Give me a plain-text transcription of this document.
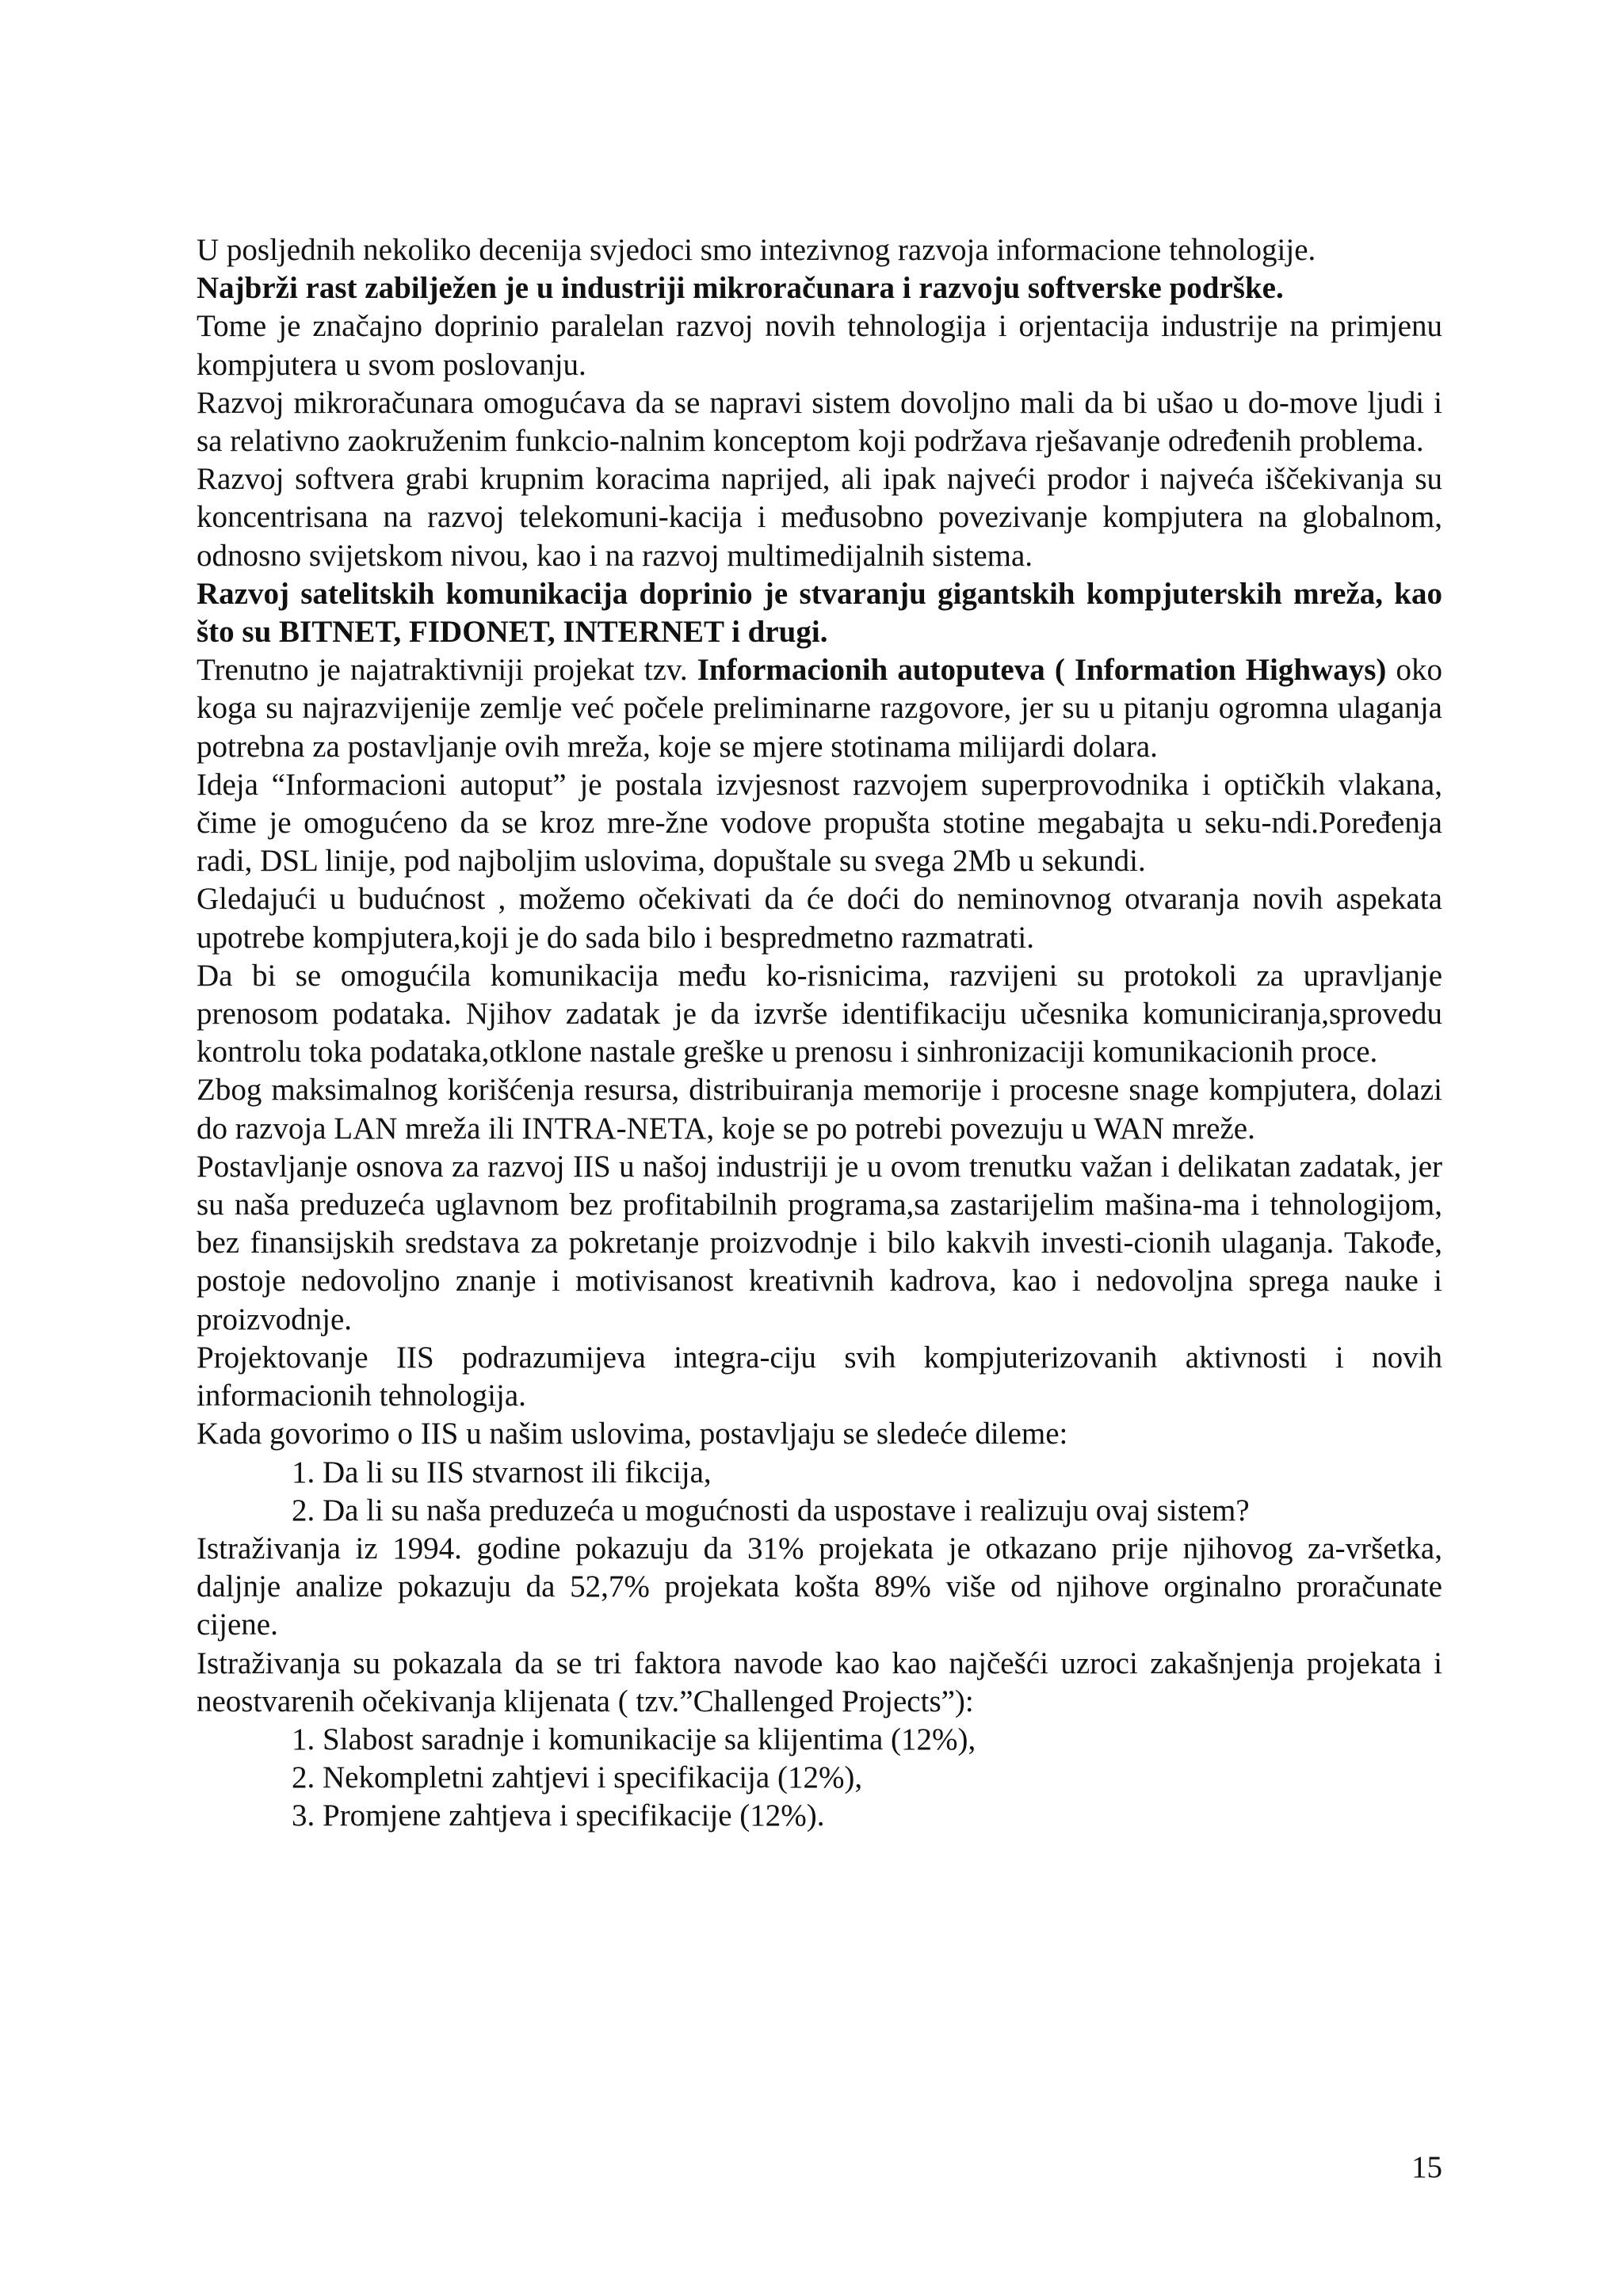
U posljednih nekoliko decenija svjedoci smo intezivnog razvoja informacione tehnologije.

Najbrži rast zabilježen je u industriji mikroračunara i razvoju softverske podrške.

Tome je značajno doprinio paralelan razvoj novih tehnologija i orjentacija industrije na primjenu kompjutera u svom poslovanju.

Razvoj mikroračunara omogućava da se napravi sistem dovoljno mali da bi ušao u do-move ljudi i sa relativno zaokruženim funkcio-nalnim konceptom koji podržava rješavanje određenih problema.

Razvoj softvera grabi krupnim koracima naprijed, ali ipak najveći prodor i najveća iščekivanja su koncentrisana na razvoj telekomuni-kacija i međusobno povezivanje kompjutera na globalnom, odnosno svijetskom nivou, kao i na razvoj multimedijalnih sistema.

Razvoj satelitskih komunikacija doprinio je stvaranju gigantskih kompjuterskih mreža, kao što su BITNET, FIDONET, INTERNET i drugi.

Trenutno je najatraktivniji projekat tzv. Informacionih autoputeva ( Information Highways) oko koga su najrazvijenije zemlje već počele preliminarne razgovore, jer su u pitanju ogromna ulaganja potrebna za postavljanje ovih mreža, koje se mjere stotinama milijardi dolara.

Ideja “Informacioni autoput” je postala izvjesnost razvojem superprovodnika i optičkih vlakana, čime je omogućeno da se kroz mre-žne vodove propušta stotine megabajta u seku-ndi.Poređenja radi, DSL linije, pod najboljim uslovima, dopuštale su svega 2Mb u sekundi.

Gledajući u budućnost , možemo očekivati da će doći do neminovnog otvaranja novih aspekata upotrebe kompjutera,koji je do sada bilo i bespredmetno razmatrati.

Da bi se omogućila komunikacija među ko-risnicima, razvijeni su protokoli za upravljanje prenosom podataka. Njihov zadatak je da izvrše identifikaciju učesnika komuniciranja,sprovedu kontrolu toka podataka,otklone nastale greške u prenosu i sinhronizaciji komunikacionih proce.

Zbog maksimalnog korišćenja resursa, distribuiranja memorije i procesne snage kompjutera, dolazi do razvoja LAN mreža ili INTRA-NETA, koje se po potrebi povezuju u WAN mreže.

Postavljanje osnova za razvoj IIS u našoj industriji je u ovom trenutku važan i delikatan zadatak, jer su naša preduzeća uglavnom bez profitabilnih programa,sa zastarijelim mašina-ma i tehnologijom, bez finansijskih sredstava za pokretanje proizvodnje i bilo kakvih investi-cionih ulaganja. Takođe, postoje nedovoljno znanje i motivisanost kreativnih kadrova, kao i nedovoljna sprega nauke i proizvodnje.

Projektovanje IIS podrazumijeva integra-ciju svih kompjuterizovanih aktivnosti i novih informacionih tehnologija.

Kada govorimo o IIS u našim uslovima, postavljaju se sledeće dileme:

1. Da li su IIS stvarnost ili fikcija,
2. Da li su naša preduzeća u mogućnosti da uspostave i realizuju ovaj sistem?

Istraživanja iz 1994. godine pokazuju da 31% projekata je otkazano prije njihovog za-vršetka, daljnje analize pokazuju da 52,7% projekata košta 89% više od njihove orginalno proračunate cijene.

Istraživanja su pokazala da se tri faktora navode kao kao najčešći uzroci zakašnjenja projekata i neostvarenih očekivanja klijenata ( tzv.”Challenged Projects”):

1. Slabost saradnje i komunikacije sa klijentima (12%),
2. Nekompletni zahtjevi i specifikacija (12%),
3. Promjene zahtjeva i specifikacije (12%).
15
